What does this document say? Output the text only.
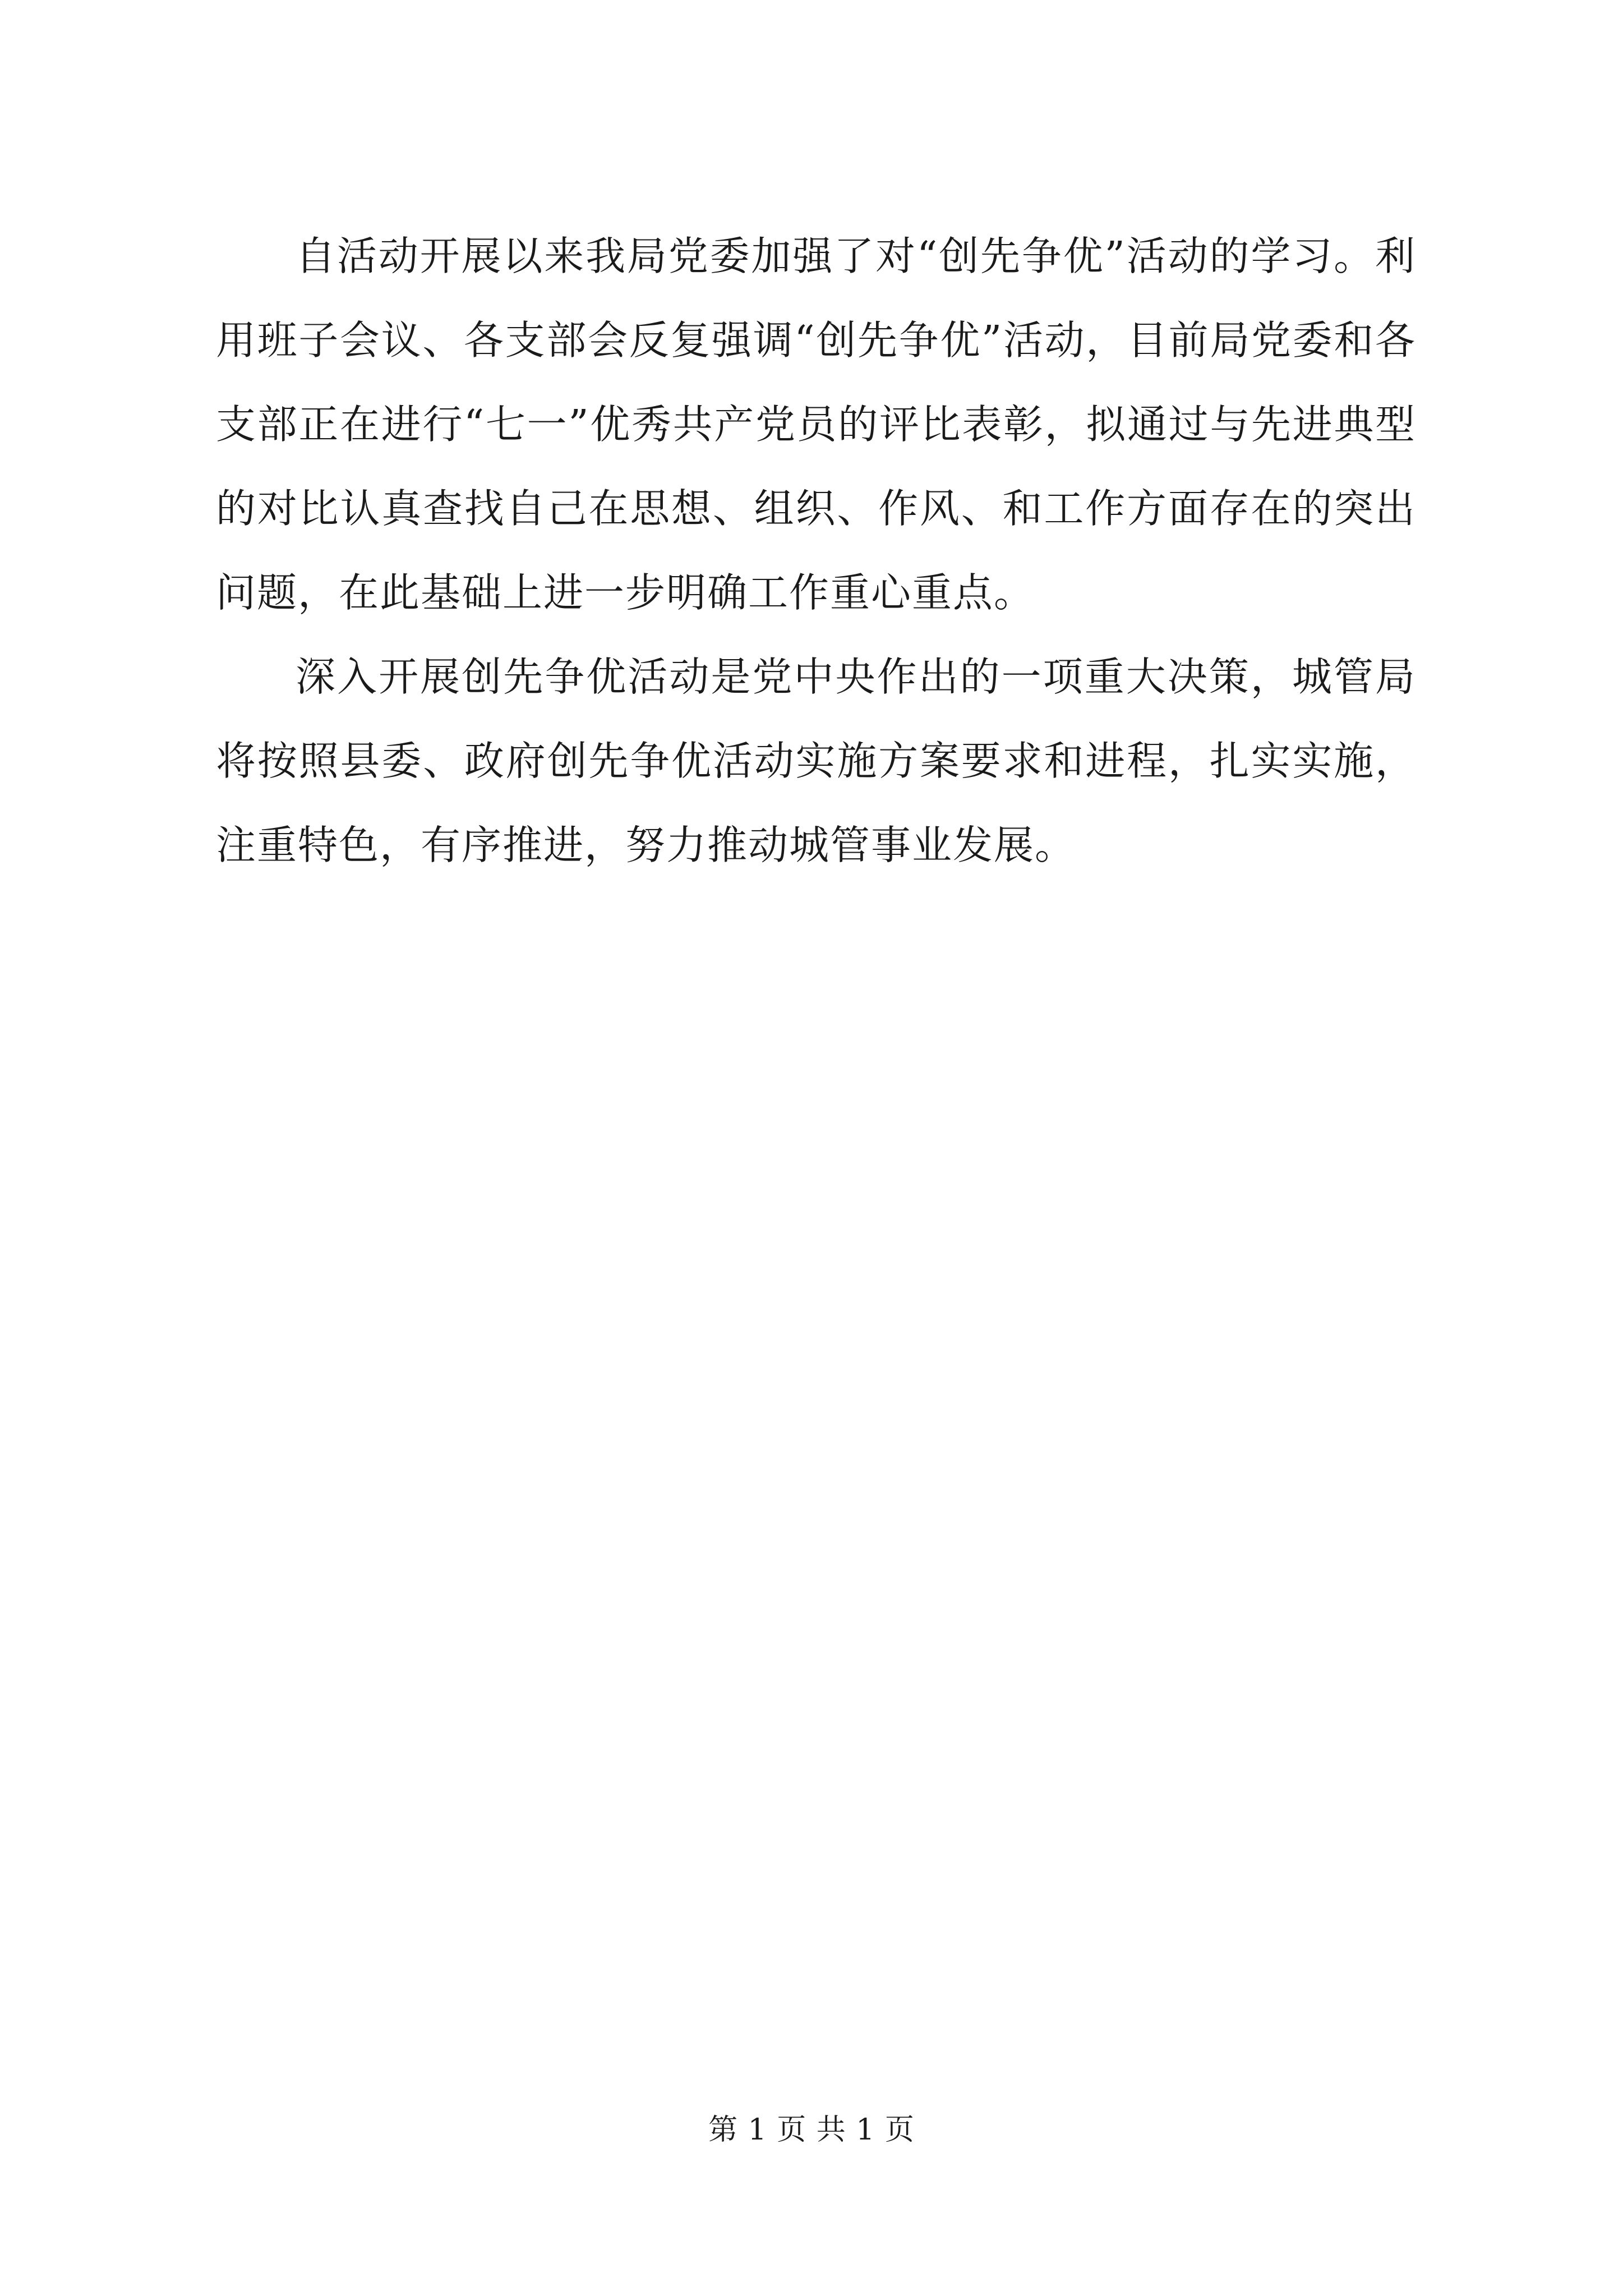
自活动开展以来我局党委加强了对“创先争优”活动的学习。利用班子会议、各支部会反复强调“创先争优”活动，目前局党委和各支部正在进行“七一”优秀共产党员的评比表彰，拟通过与先进典型的对比认真查找自己在思想、组织、作风、和工作方面存在的突出问题，在此基础上进一步明确工作重心重点。

深入开展创先争优活动是党中央作出的一项重大决策，城管局将按照县委、政府创先争优活动实施方案要求和进程，扎实实施，注重特色，有序推进，努力推动城管事业发展。

第 1 页 共 1 页
